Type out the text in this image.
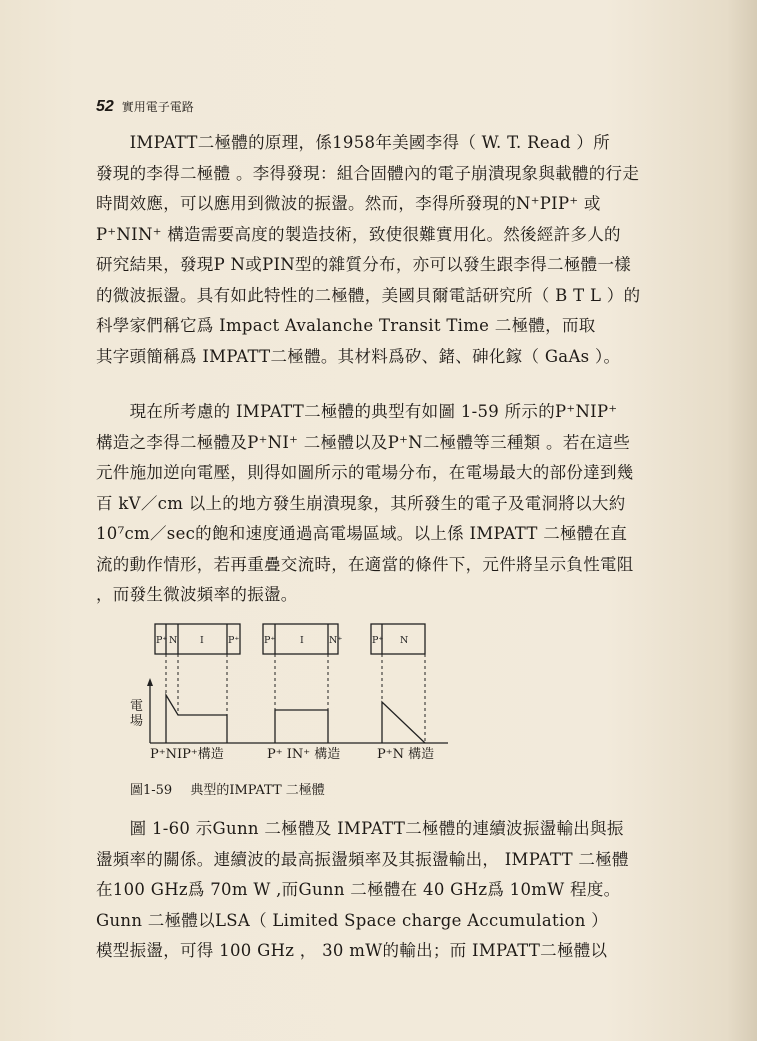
52 實用電子電路
　　IMPATT二極體的原理，係1958年美國李得（ W. T. Read ）所
發現的李得二極體 。李得發現：組合固體內的電子崩潰現象與載體的行走
時間效應，可以應用到微波的振盪。然而，李得所發現的N⁺PIP⁺ 或
P⁺NIN⁺ 構造需要高度的製造技術，致使很難實用化。然後經許多人的
研究結果，發現P N或PIN型的雜質分布，亦可以發生跟李得二極體一樣
的微波振盪。具有如此特性的二極體，美國貝爾電話研究所（ B T L ）的
科學家們稱它爲 Impact Avalanche Transit Time 二極體，而取
其字頭簡稱爲 IMPATT二極體。其材料爲矽、鍺、砷化鎵（ GaAs ）。
　　現在所考慮的 IMPATT二極體的典型有如圖 1-59 所示的P⁺NIP⁺
構造之李得二極體及P⁺NI⁺ 二極體以及P⁺N二極體等三種類 。若在這些
元件施加逆向電壓，則得如圖所示的電場分布，在電場最大的部份達到幾
百 kV／cm 以上的地方發生崩潰現象，其所發生的電子及電洞將以大約
10⁷cm／sec的飽和速度通過高電場區域。以上係 IMPATT 二極體在直
流的動作情形，若再重疊交流時，在適當的條件下，元件將呈示負性電阻
，而發生微波頻率的振盪。
P⁺ N I	P⁺	P⁺	I	N⁺	P⁺ N
電場
P⁺NIP⁺構造	P⁺ IN⁺ 構造	P⁺N 構造
圖1-59 典型的IMPATT 二極體
　　圖 1-60 示Gunn 二極體及 IMPATT二極體的連續波振盪輸出與振
盪頻率的關係。連續波的最高振盪頻率及其振盪輸出， IMPATT 二極體
在100 GHz爲 70m W ,而Gunn 二極體在 40 GHz爲 10mW 程度。
Gunn 二極體以LSA（ Limited Space charge Accumulation ）
模型振盪，可得 100 GHz ， 30 mW的輸出；而 IMPATT二極體以
